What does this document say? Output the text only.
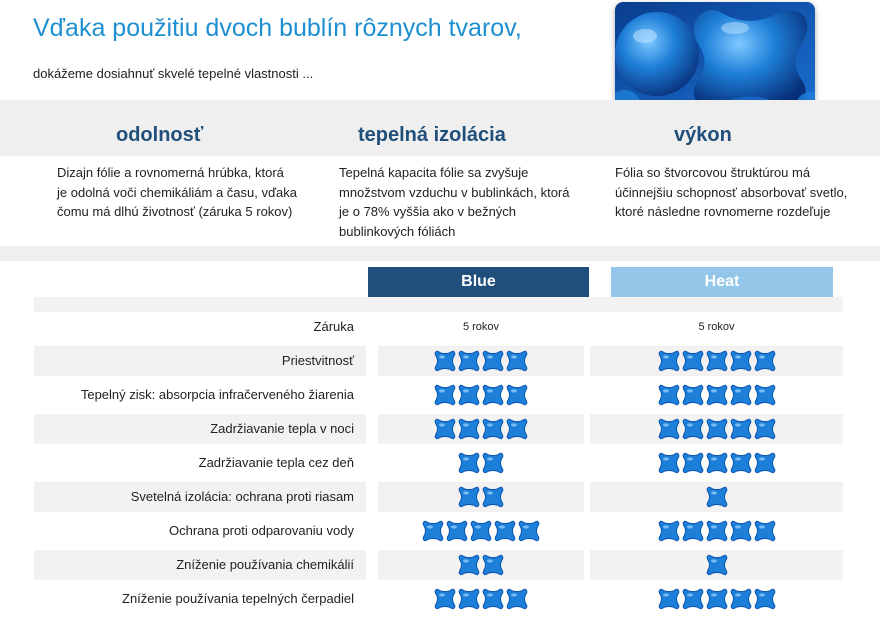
Vďaka použitiu dvoch bublín rôznych tvarov,
dokážeme dosiahnuť skvelé tepelné vlastnosti ...
odolnosť	tepelná izolácia	výkon
Dizajn fólie a rovnomerná hrúbka, ktorá je odolná voči chemikáliám a času, vďaka čomu má dlhú životnosť (záruka 5 rokov)
Tepelná kapacita fólie sa zvyšuje množstvom vzduchu v bublinkách, ktorá je o 78% vyššia ako v bežných bublinkových fóliách
Fólia so štvorcovou štruktúrou má účinnejšiu schopnosť absorbovať svetlo, ktoré následne rovnomerne rozdeľuje
Blue	Heat
Záruka	5 rokov	5 rokov
Priestvitnosť
Tepelný zisk: absorpcia infračerveného žiarenia
Zadržiavanie tepla v noci
Zadržiavanie tepla cez deň
Svetelná izolácia: ochrana proti riasam
Ochrana proti odparovaniu vody
Zníženie používania chemikálií
Zníženie používania tepelných čerpadiel
